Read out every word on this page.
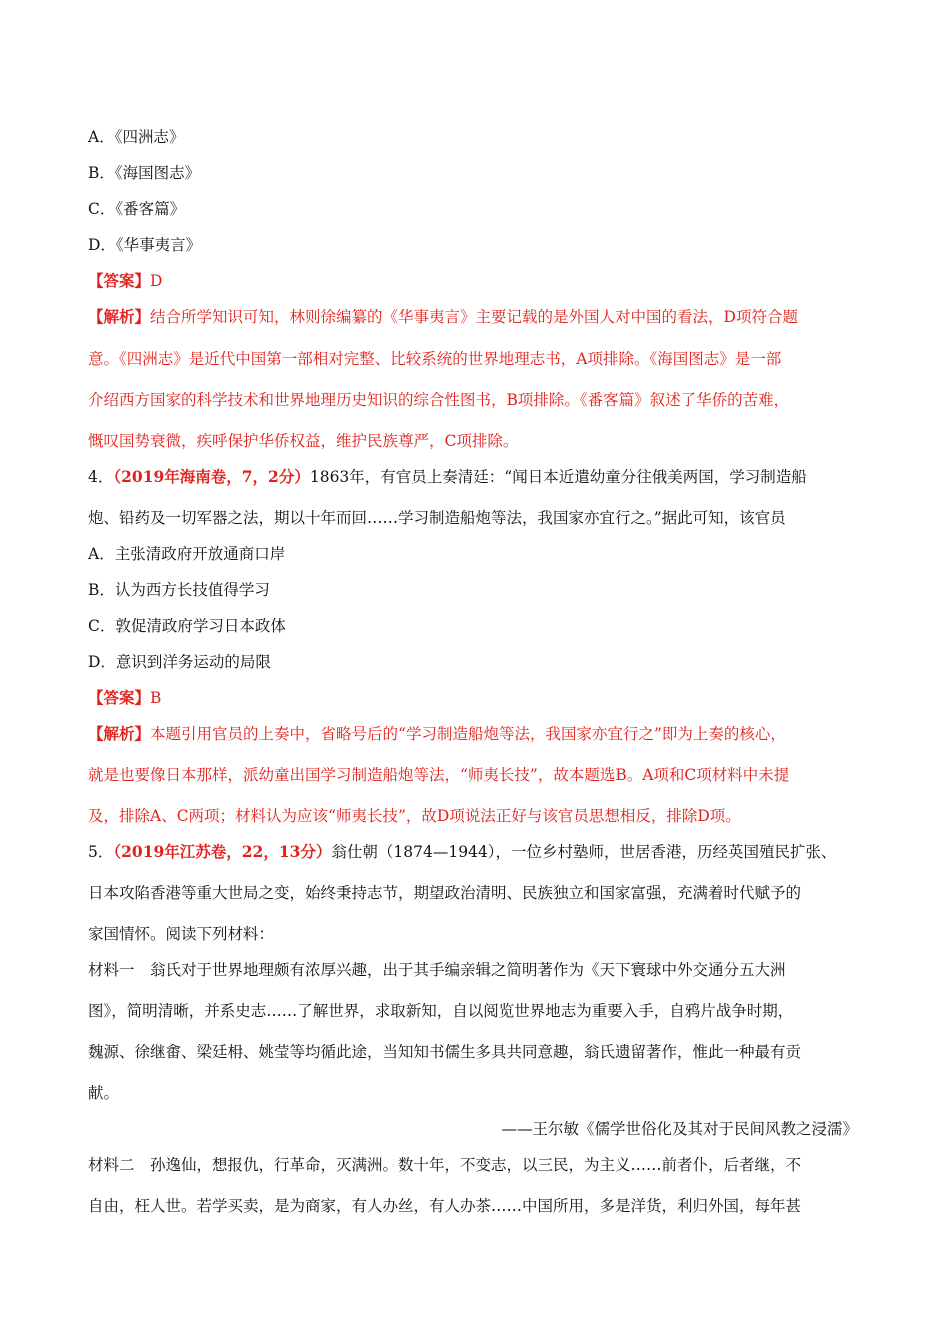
A．《四洲志》
B．《海国图志》
C．《番客篇》
D．《华事夷言》
【答案】D
【解析】结合所学知识可知，林则徐编纂的《华事夷言》主要记载的是外国人对中国的看法，D项符合题
意。《四洲志》是近代中国第一部相对完整、比较系统的世界地理志书，A项排除。《海国图志》是一部
介绍西方国家的科学技术和世界地理历史知识的综合性图书，B项排除。《番客篇》叙述了华侨的苦难，
慨叹国势衰微，疾呼保护华侨权益，维护民族尊严，C项排除。
4．（2019年海南卷，7，2分）1863年，有官员上奏清廷：“闻日本近遣幼童分往俄美两国，学习制造船
炮、铅药及一切军器之法，期以十年而回……学习制造船炮等法，我国家亦宜行之。”据此可知，该官员
A．主张清政府开放通商口岸
B．认为西方长技值得学习
C．敦促清政府学习日本政体
D．意识到洋务运动的局限
【答案】B
【解析】本题引用官员的上奏中，省略号后的“学习制造船炮等法，我国家亦宜行之”即为上奏的核心，
就是也要像日本那样，派幼童出国学习制造船炮等法，“师夷长技”，故本题选B。A项和C项材料中未提
及，排除A、C两项；材料认为应该“师夷长技”，故D项说法正好与该官员思想相反，排除D项。
5．（2019年江苏卷，22，13分）翁仕朝（1874—1944），一位乡村塾师，世居香港，历经英国殖民扩张、
日本攻陷香港等重大世局之变，始终秉持志节，期望政治清明、民族独立和国家富强，充满着时代赋予的
家国情怀。阅读下列材料：
材料一　翁氏对于世界地理颇有浓厚兴趣，出于其手编亲辑之简明著作为《天下寰球中外交通分五大洲
图》，简明清晰，并系史志……了解世界，求取新知，自以阅览世界地志为重要入手，自鸦片战争时期，
魏源、徐继畬、梁廷枏、姚莹等均循此途，当知知书儒生多具共同意趣，翁氏遗留著作，惟此一种最有贡
献。
——王尔敏《儒学世俗化及其对于民间风教之浸濡》
材料二　孙逸仙，想报仇，行革命，灭满洲。数十年，不变志，以三民，为主义……前者仆，后者继，不
自由，枉人世。若学买卖，是为商家，有人办丝，有人办茶……中国所用，多是洋货，利归外国，每年甚
